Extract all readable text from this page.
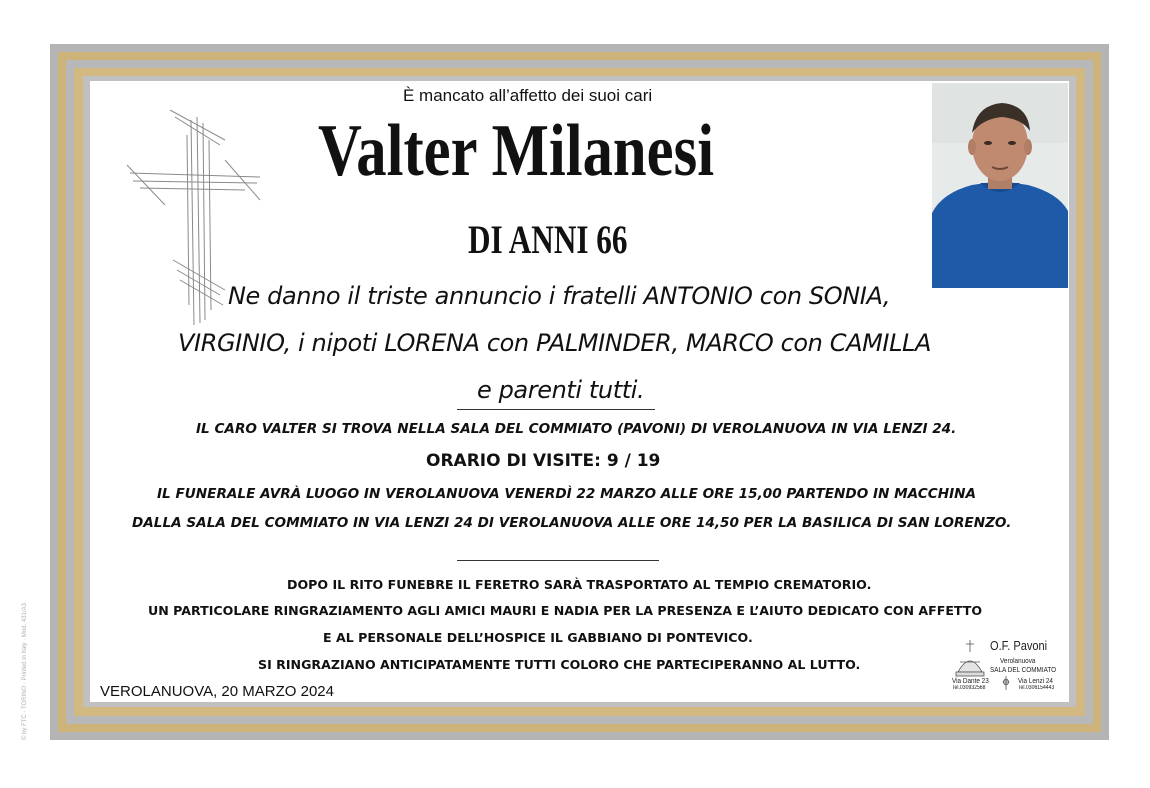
© by FTC · TORINO · Printed in Italy · Mod. 431/A3
È mancato all’affetto dei suoi cari
Valter Milanesi
DI ANNI 66
Ne danno il triste annuncio i fratelli ANTONIO con SONIA,
VIRGINIO, i nipoti LORENA con PALMINDER, MARCO con CAMILLA
e parenti tutti.
IL CARO VALTER SI TROVA NELLA SALA DEL COMMIATO (PAVONI) DI VEROLANUOVA IN VIA LENZI 24.
ORARIO DI VISITE: 9 / 19
IL FUNERALE AVRÀ LUOGO IN VEROLANUOVA VENERDÌ 22 MARZO ALLE ORE 15,00 PARTENDO IN MACCHINA
DALLA SALA DEL COMMIATO IN VIA LENZI 24 DI VEROLANUOVA ALLE ORE 14,50 PER LA BASILICA DI SAN LORENZO.
DOPO IL RITO FUNEBRE IL FERETRO SARÀ TRASPORTATO AL TEMPIO CREMATORIO.
UN PARTICOLARE RINGRAZIAMENTO AGLI AMICI MAURI E NADIA PER LA PRESENZA E L’AIUTO DEDICATO CON AFFETTO
E AL PERSONALE DELL’HOSPICE IL GABBIANO DI PONTEVICO.
SI RINGRAZIANO ANTICIPATAMENTE TUTTI COLORO CHE PARTECIPERANNO AL LUTTO.
VEROLANUOVA, 20 MARZO 2024
O.F. Pavoni
Verolanuova
SALA DEL COMMIATO
Via Dante 23
Tel.030932568
Via Lenzi 24
Tel.0306154443
